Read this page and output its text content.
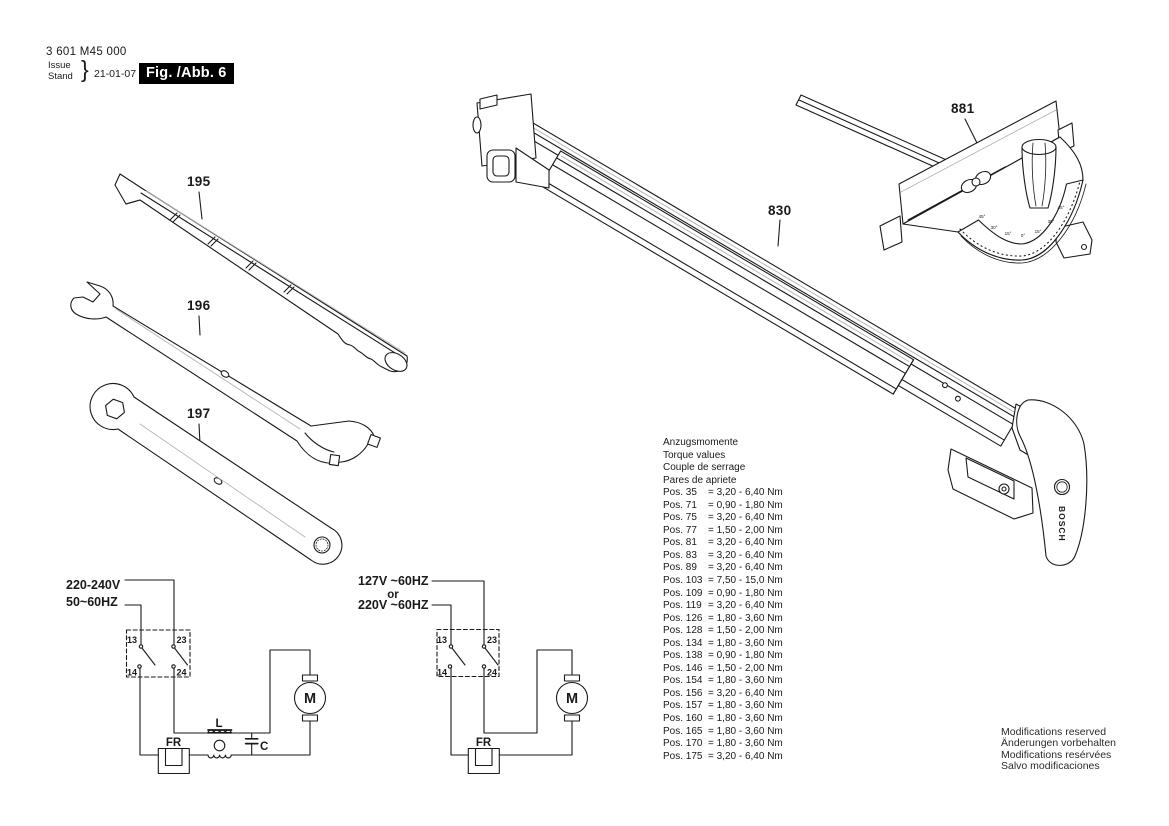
BOSCH
45°
30°
15° 0°
15°
30°
45°
220-240V
50~60HZ
13	23
14	24
L
C
FR
M
127V ~60HZ
or
220V ~60HZ
13	23
14	24
FR
M
3 601 M45 000
Issue
Stand } 21-01-07 Fig. /Abb. 6
195
196
197
830
881
Anzugsmomente
Torque values
Couple de serrage
Pares de apriete
Pos. 35 = 3,20 - 6,40 Nm
Pos. 71 = 0,90 - 1,80 Nm
Pos. 75 = 3,20 - 6,40 Nm
Pos. 77 = 1,50 - 2,00 Nm
Pos. 81 = 3,20 - 6,40 Nm
Pos. 83 = 3,20 - 6,40 Nm
Pos. 89 = 3,20 - 6,40 Nm
Pos. 103 = 7,50 - 15,0 Nm
Pos. 109 = 0,90 - 1,80 Nm
Pos. 119 = 3,20 - 6,40 Nm
Pos. 126 = 1,80 - 3,60 Nm
Pos. 128 = 1,50 - 2,00 Nm
Pos. 134 = 1,80 - 3,60 Nm
Pos. 138 = 0,90 - 1,80 Nm
Pos. 146 = 1,50 - 2,00 Nm
Pos. 154 = 1,80 - 3,60 Nm
Pos. 156 = 3,20 - 6,40 Nm
Pos. 157 = 1,80 - 3,60 Nm
Pos. 160 = 1,80 - 3,60 Nm
Pos. 165 = 1,80 - 3,60 Nm
Pos. 170 = 1,80 - 3,60 Nm
Pos. 175 = 3,20 - 6,40 Nm
Modifications reserved
Änderungen vorbehalten
Modifications resérvées
Salvo modificaciones
